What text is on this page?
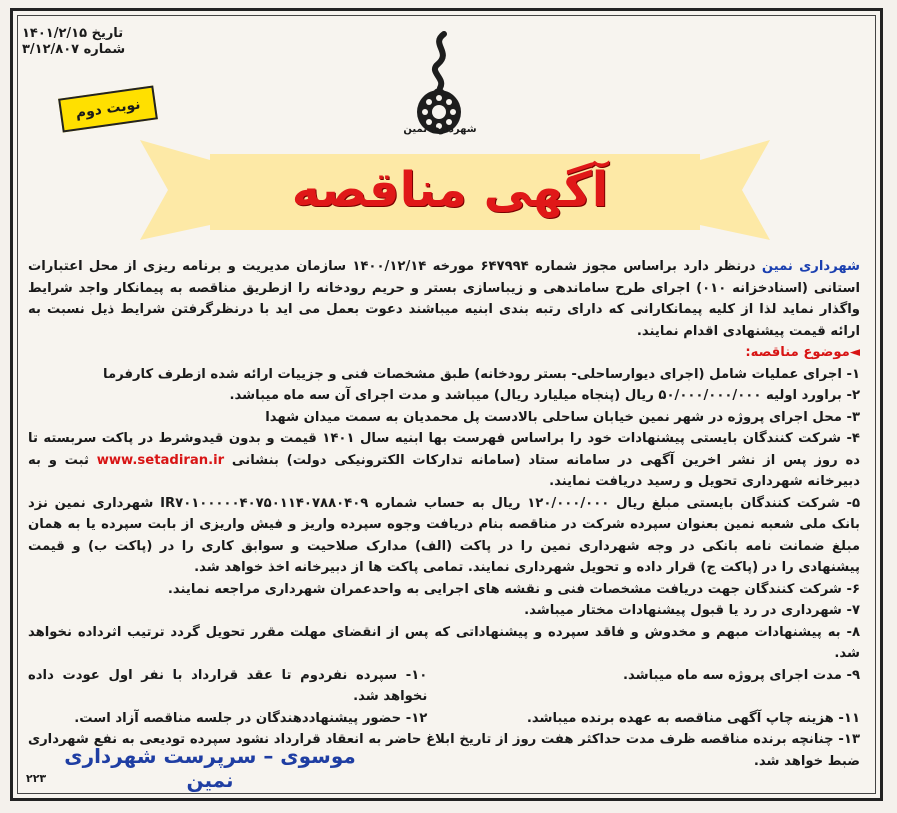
تاریخ ۱۴۰۱/۲/۱۵
شماره ۳/۱۲/۸۰۷
نوبت دوم
شهرداری نمین
آگهی مناقصه

شهرداری نمین درنظر دارد براساس مجوز شماره ۶۴۷۹۹۴ مورخه ۱۴۰۰/۱۲/۱۴ سازمان مدیریت و برنامه ریزی از محل اعتبارات استانی (اسنادخزانه ۰۱۰) اجرای طرح ساماندهی و زیباسازی بستر و حریم رودخانه را ازطریق مناقصه به پیمانکار واجد شرایط واگذار نماید لذا از کلیه پیمانکارانی که دارای رتبه بندی ابنیه میباشند دعوت بعمل می اید با درنظرگرفتن شرایط ذیل نسبت به ارائه قیمت پیشنهادی اقدام نمایند.

◄موضوع مناقصه:

۱- اجرای عملیات شامل (اجرای دیوارساحلی- بستر رودخانه) طبق مشخصات فنی و جزییات ارائه شده ازطرف کارفرما

۲- براورد اولیه ۵۰/۰۰۰/۰۰۰/۰۰۰ ریال (پنجاه میلیارد ریال) میباشد و مدت اجرای آن سه ماه میباشد.

۳- محل اجرای پروژه در شهر نمین خیابان ساحلی بالادست پل محمدیان به سمت میدان شهدا

۴- شرکت کنندگان بایستی پیشنهادات خود را براساس فهرست بها ابنیه سال ۱۴۰۱ قیمت و بدون قیدوشرط در پاکت سربسته تا ده روز پس از نشر اخرین آگهی در سامانه ستاد (سامانه تدارکات الکترونیکی دولت) بنشانی www.setadiran.ir ثبت و به دبیرخانه شهرداری تحویل و رسید دریافت نمایند.

۵- شرکت کنندگان بایستی مبلغ ریال ۱۲۰/۰۰۰/۰۰۰ ریال به حساب شماره IR۷۰۱۰۰۰۰۰۴۰۷۵۰۱۱۴۰۷۸۸۰۴۰۹ شهرداری نمین نزد بانک ملی شعبه نمین بعنوان سپرده شرکت در مناقصه بنام دریافت وجوه سپرده واریز و فیش واریزی از بابت سپرده یا به همان مبلغ ضمانت نامه بانکی در وجه شهرداری نمین را در پاکت (الف) مدارک صلاحیت و سوابق کاری را در (پاکت ب) و قیمت پیشنهادی را در (پاکت ج) قرار داده و تحویل شهرداری نمایند. تمامی پاکت ها از دبیرخانه اخذ خواهد شد.

۶- شرکت کنندگان جهت دریافت مشخصات فنی و نقشه های اجرایی به واحدعمران شهرداری مراجعه نمایند.

۷- شهرداری در رد یا قبول پیشنهادات مختار میباشد.

۸- به پیشنهادات مبهم و مخدوش و فاقد سپرده و پیشنهاداتی که پس از انقضای مهلت مقرر تحویل گردد ترتیب اثرداده نخواهد شد.

۹- مدت اجرای پروژه سه ماه میباشد.
۱۰- سپرده نفردوم تا عقد قرارداد با نفر اول عودت داده نخواهد شد.

۱۱- هزینه چاپ آگهی مناقصه به عهده برنده میباشد.
۱۲- حضور پیشنهاددهندگان در جلسه مناقصه آزاد است.

۱۳- چنانچه برنده مناقصه ظرف مدت حداکثر هفت روز از تاریخ ابلاغ حاضر به انعقاد قرارداد نشود سپرده تودیعی به نفع شهرداری ضبط خواهد شد.

موسوی – سرپرست شهرداری نمین
۲۲۳
